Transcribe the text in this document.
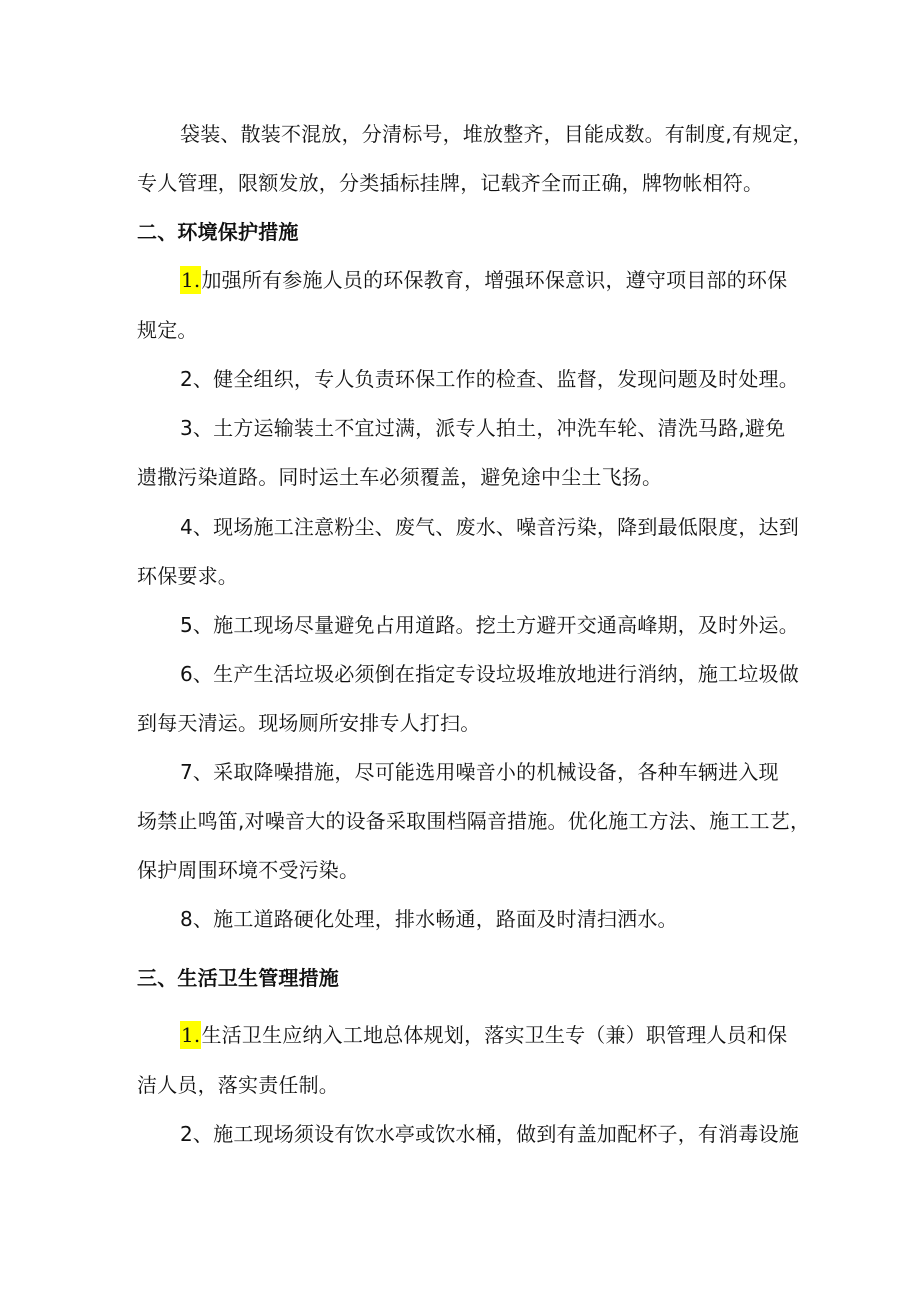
袋装、散装不混放，分清标号，堆放整齐，目能成数。有制度,有规定，
专人管理，限额发放，分类插标挂牌，记载齐全而正确，牌物帐相符。
二、环境保护措施
1.加强所有参施人员的环保教育，增强环保意识，遵守项目部的环保
规定。
2、健全组织，专人负责环保工作的检查、监督，发现问题及时处理。
3、土方运输装土不宜过满，派专人拍土，冲洗车轮、清洗马路,避免
遗撒污染道路。同时运土车必须覆盖，避免途中尘土飞扬。
4、现场施工注意粉尘、废气、废水、噪音污染，降到最低限度，达到
环保要求。
5、施工现场尽量避免占用道路。挖土方避开交通高峰期，及时外运。
6、生产生活垃圾必须倒在指定专设垃圾堆放地进行消纳，施工垃圾做
到每天清运。现场厕所安排专人打扫。
7、采取降噪措施，尽可能选用噪音小的机械设备，各种车辆进入现
场禁止鸣笛,对噪音大的设备采取围档隔音措施。优化施工方法、施工工艺，
保护周围环境不受污染。
8、施工道路硬化处理，排水畅通，路面及时清扫洒水。
三、生活卫生管理措施
1.生活卫生应纳入工地总体规划，落实卫生专（兼）职管理人员和保
洁人员，落实责任制。
2、施工现场须设有饮水亭或饮水桶，做到有盖加配杯子，有消毒设施
